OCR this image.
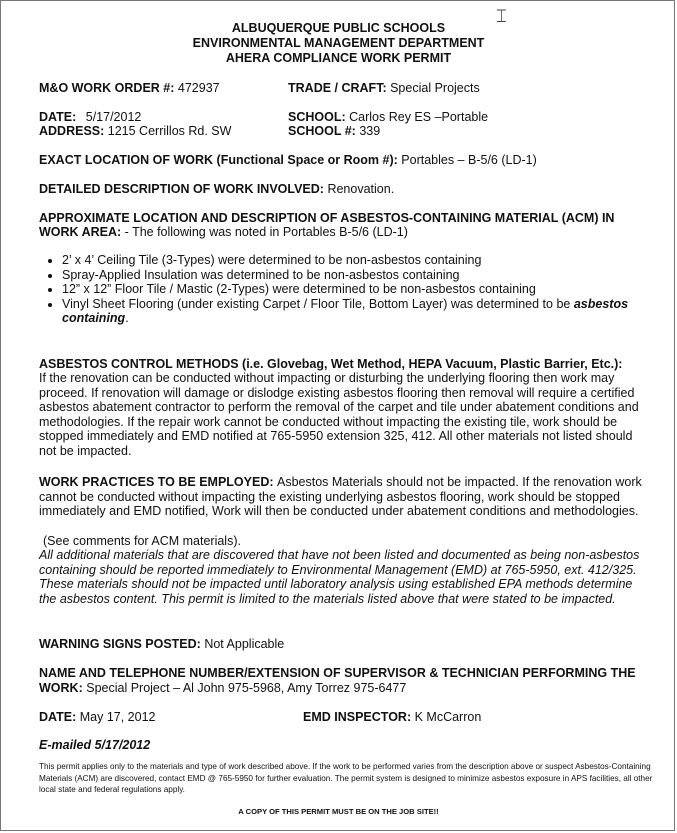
⌶
ALBUQUERQUE PUBLIC SCHOOLS
ENVIRONMENTAL MANAGEMENT DEPARTMENT
AHERA COMPLIANCE WORK PERMIT
M&O WORK ORDER #: 472937	TRADE / CRAFT: Special Projects
DATE: 5/17/2012	SCHOOL: Carlos Rey ES –Portable
ADDRESS: 1215 Cerrillos Rd. SW	SCHOOL #: 339
EXACT LOCATION OF WORK (Functional Space or Room #): Portables – B-5/6 (LD-1)
DETAILED DESCRIPTION OF WORK INVOLVED: Renovation.
APPROXIMATE LOCATION AND DESCRIPTION OF ASBESTOS-CONTAINING MATERIAL (ACM) IN
WORK AREA: - The following was noted in Portables B-5/6 (LD-1)
• 2’ x 4’ Ceiling Tile (3-Types) were determined to be non-asbestos containing
• Spray-Applied Insulation was determined to be non-asbestos containing
• 12” x 12” Floor Tile / Mastic (2-Types) were determined to be non-asbestos containing
• Vinyl Sheet Flooring (under existing Carpet / Floor Tile, Bottom Layer) was determined to be asbestos containing.
ASBESTOS CONTROL METHODS (i.e. Glovebag, Wet Method, HEPA Vacuum, Plastic Barrier, Etc.):
If the renovation can be conducted without impacting or disturbing the underlying flooring then work may proceed. If renovation will damage or dislodge existing asbestos flooring then removal will require a certified asbestos abatement contractor to perform the removal of the carpet and tile under abatement conditions and methodologies. If the repair work cannot be conducted without impacting the existing tile, work should be stopped immediately and EMD notified at 765-5950 extension 325, 412. All other materials not listed should not be impacted.
WORK PRACTICES TO BE EMPLOYED: Asbestos Materials should not be impacted. If the renovation work cannot be conducted without impacting the existing underlying asbestos flooring, work should be stopped immediately and EMD notified, Work will then be conducted under abatement conditions and methodologies.
(See comments for ACM materials).
All additional materials that are discovered that have not been listed and documented as being non-asbestos containing should be reported immediately to Environmental Management (EMD) at 765-5950, ext. 412/325. These materials should not be impacted until laboratory analysis using established EPA methods determine the asbestos content. This permit is limited to the materials listed above that were stated to be impacted.
WARNING SIGNS POSTED: Not Applicable
NAME AND TELEPHONE NUMBER/EXTENSION OF SUPERVISOR & TECHNICIAN PERFORMING THE
WORK: Special Project – Al John 975-5968, Amy Torrez 975-6477
DATE: May 17, 2012	EMD INSPECTOR: K McCarron
E-mailed 5/17/2012
This permit applies only to the materials and type of work described above. If the work to be performed varies from the description above or suspect Asbestos-Containing Materials (ACM) are discovered, contact EMD @ 765-5950 for further evaluation. The permit system is designed to minimize asbestos exposure in APS facilities, all other local state and federal regulations apply.
A COPY OF THIS PERMIT MUST BE ON THE JOB SITE!!
